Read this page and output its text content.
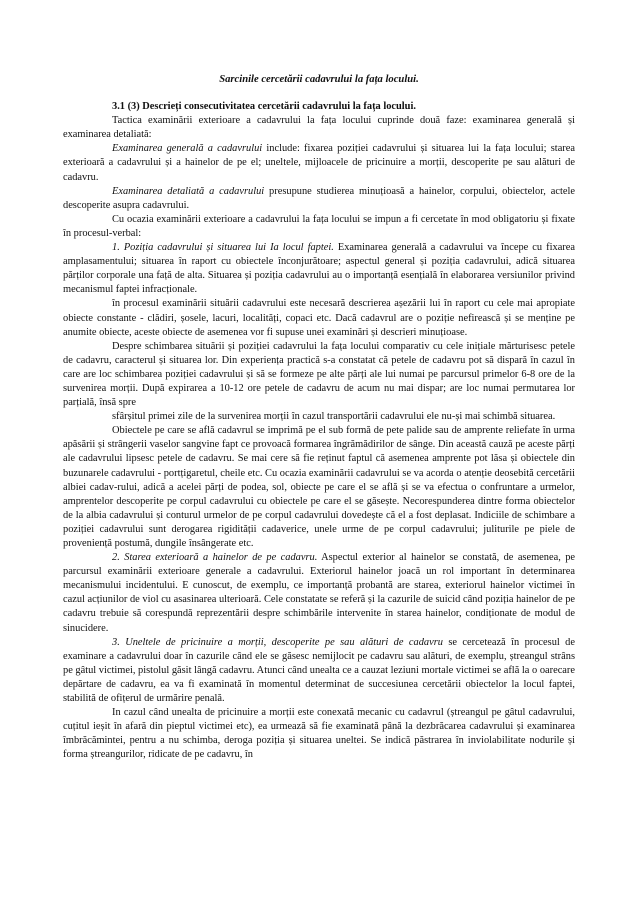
Sarcinile cercetării cadavrului la fața locului.

3.1 (3) Descrieți consecutivitatea cercetării cadavrului la fața locului.

Tactica examinării exterioare a cadavrului la fața locului cuprinde două faze: examinarea generală și examinarea detaliată:

Examinarea generală a cadavrului include: fixarea poziției cadavrului și situarea lui la fața locului; starea exterioară a cadavrului și a hainelor de pe el; uneltele, mijloacele de pricinuire a morții, descoperite pe sau alături de cadavru.

Examinarea detaliată a cadavrului presupune studierea minuțioasă a hainelor, corpului, obiectelor, actele descoperite asupra cadavrului.

Cu ocazia examinării exterioare a cadavrului la fața locului se impun a fi cercetate în mod obligatoriu și fixate în procesul-verbal:

1. Poziția cadavrului și situarea lui Ia locul faptei. Examinarea generală a cadavrului va începe cu fixarea amplasamentului; situarea în raport cu obiectele înconjurătoare; aspectul general și poziția cadavrului, adică situarea părților corporale una față de alta. Situarea și poziția cadavrului au o importanță esențială în elaborarea versiunilor privind mecanismul faptei infracționale.

în procesul examinării situării cadavrului este necesară descrierea așezării lui în raport cu cele mai apropiate obiecte constante - clădiri, șosele, lacuri, localități, copaci etc. Dacă cadavrul are o poziție nefirească și se menține pe anumite obiecte, aceste obiecte de asemenea vor fi supuse unei examinări și descrieri minuțioase.

Despre schimbarea situării și poziției cadavrului la fața locului comparativ cu cele inițiale mărturisesc petele de cadavru, caracterul și situarea lor. Din experiența practică s-a constatat că petele de cadavru pot să dispară în cazul în care are loc schimbarea poziției cadavrului și să se formeze pe alte părți ale lui numai pe parcursul primelor 6-8 ore de la survenirea morții. După expirarea a 10-12 ore petele de cadavru de acum nu mai dispar; are loc numai permutarea lor parțială, însă spre

sfârșitul primei zile de la survenirea morții în cazul transportării cadavrului ele nu-și mai schimbă situarea.

Obiectele pe care se află cadavrul se imprimă pe el sub formă de pete palide sau de amprente reliefate în urma apăsării și strângerii vaselor sangvine fapt ce provoacă formarea îngrămădirilor de sânge. Din această cauză pe aceste părți ale cadavrului lipsesc petele de cadavru. Se mai cere să fie reținut faptul că asemenea amprente pot lăsa și obiectele din buzunarele cadavrului - portțigaretul, cheile etc. Cu ocazia examinării cadavrului se va acorda o atenție deosebită cercetării albiei cadav-rului, adică a acelei părți de podea, sol, obiecte pe care el se află și se va efectua o confruntare a urmelor, amprentelor descoperite pe corpul cadavrului cu obiectele pe care el se găsește. Necorespunderea dintre forma obiectelor de la albia cadavrului și conturul urmelor de pe corpul cadavrului dovedește că el a fost deplasat. Indiciile de schimbare a poziției cadavrului sunt derogarea rigidității cadaverice, unele urme de pe corpul cadavrului; juliturile pe piele de proveniență postumă, dungile însângerate etc.

2. Starea exterioară a hainelor de pe cadavru. Aspectul exterior al hainelor se constată, de asemenea, pe parcursul examinării exterioare generale a cadavrului. Exteriorul hainelor joacă un rol important în determinarea mecanismului incidentului. E cunoscut, de exemplu, ce importanță probantă are starea, exteriorul hainelor victimei în cazul acțiunilor de viol cu asasinarea ulterioară. Cele constatate se referă și la cazurile de suicid când poziția hainelor de pe cadavru trebuie să corespundă reprezentării despre schimbările intervenite în starea hainelor, condiționate de modul de sinucidere.

3. Uneltele de pricinuire a morții, descoperite pe sau alături de cadavru se cercetează în procesul de examinare a cadavrului doar în cazurile când ele se găsesc nemijlocit pe cadavru sau alături, de exemplu, ștreangul strâns pe gâtul victimei, pistolul găsit lângă cadavru. Atunci când unealta ce a cauzat leziuni mortale victimei se află la o oarecare depărtare de cadavru, ea va fi examinată în momentul determinat de succesiunea cercetării obiectelor la locul faptei, stabilită de ofițerul de urmărire penală.

In cazul când unealta de pricinuire a morții este conexată mecanic cu cadavrul (ștreangul pe gâtul cadavrului, cuțitul ieșit în afară din pieptul victimei etc), ea urmează să fie examinată până la dezbrăcarea cadavrului și examinarea îmbrăcămintei, pentru a nu schimba, deroga poziția și situarea uneltei. Se indică păstrarea în inviolabilitate nodurile și forma ștreangurilor, ridicate de pe cadavru, în
